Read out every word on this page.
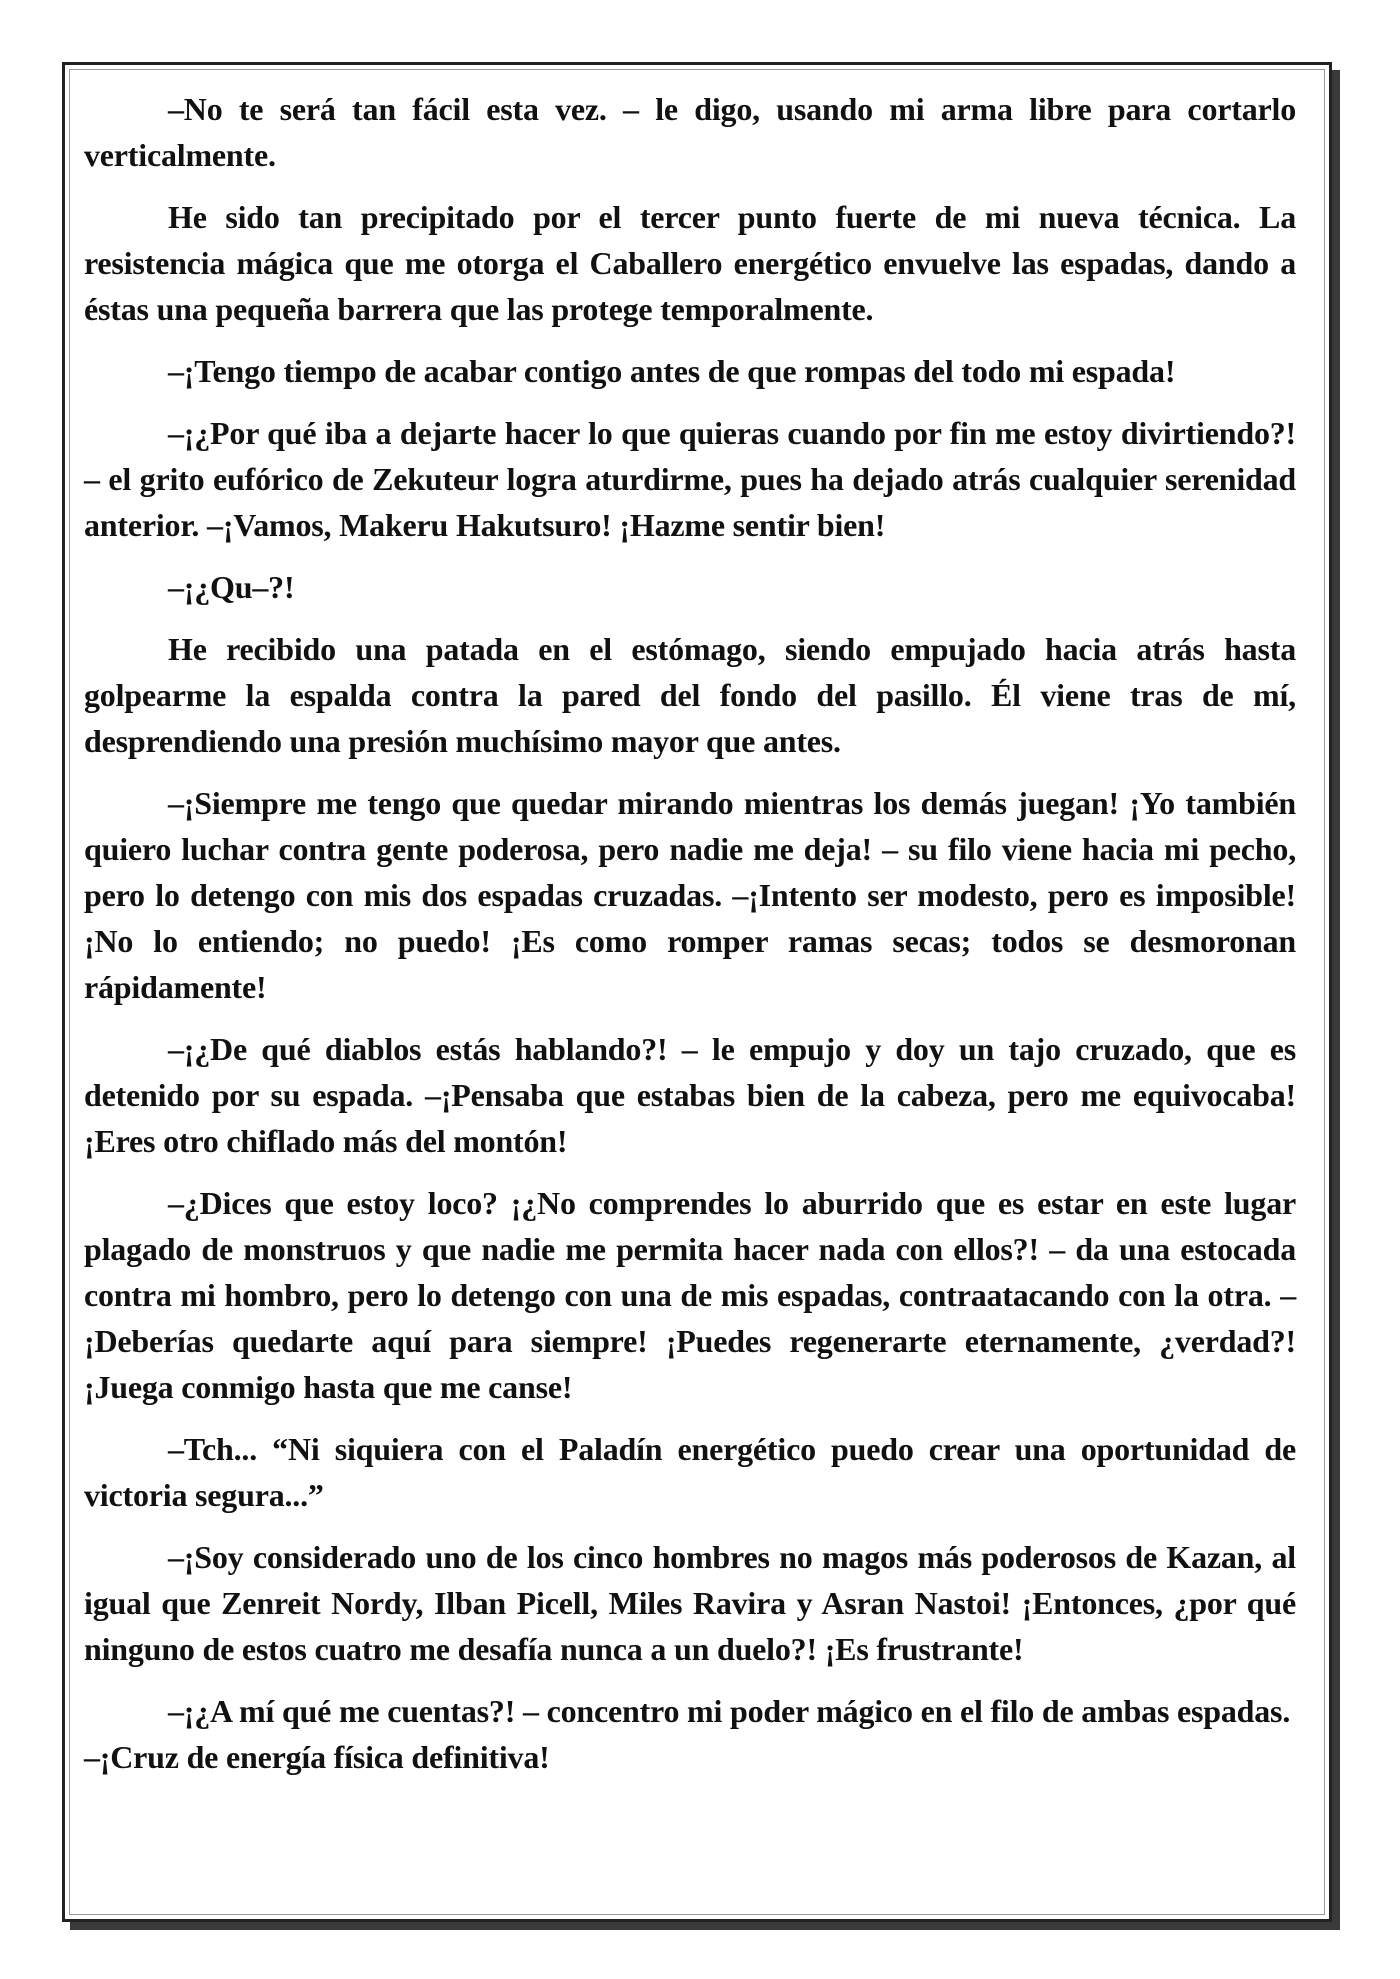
–No te será tan fácil esta vez. – le digo, usando mi arma libre para cortarlo verticalmente.

He sido tan precipitado por el tercer punto fuerte de mi nueva técnica. La resistencia mágica que me otorga el Caballero energético envuelve las espadas, dando a éstas una pequeña barrera que las protege temporalmente.

–¡Tengo tiempo de acabar contigo antes de que rompas del todo mi espada!

–¡¿Por qué iba a dejarte hacer lo que quieras cuando por fin me estoy divirtiendo?! – el grito eufórico de Zekuteur logra aturdirme, pues ha dejado atrás cualquier serenidad anterior. –¡Vamos, Makeru Hakutsuro! ¡Hazme sentir bien!

–¡¿Qu–?!

He recibido una patada en el estómago, siendo empujado hacia atrás hasta golpearme la espalda contra la pared del fondo del pasillo. Él viene tras de mí, desprendiendo una presión muchísimo mayor que antes.

–¡Siempre me tengo que quedar mirando mientras los demás juegan! ¡Yo también quiero luchar contra gente poderosa, pero nadie me deja! – su filo viene hacia mi pecho, pero lo detengo con mis dos espadas cruzadas. –¡Intento ser modesto, pero es imposible! ¡No lo entiendo; no puedo! ¡Es como romper ramas secas; todos se desmoronan rápidamente!

–¡¿De qué diablos estás hablando?! – le empujo y doy un tajo cruzado, que es detenido por su espada. –¡Pensaba que estabas bien de la cabeza, pero me equivocaba! ¡Eres otro chiflado más del montón!

–¿Dices que estoy loco? ¡¿No comprendes lo aburrido que es estar en este lugar plagado de monstruos y que nadie me permita hacer nada con ellos?! – da una estocada contra mi hombro, pero lo detengo con una de mis espadas, contraatacando con la otra. –¡Deberías quedarte aquí para siempre! ¡Puedes regenerarte eternamente, ¿verdad?! ¡Juega conmigo hasta que me canse!

–Tch... “Ni siquiera con el Paladín energético puedo crear una oportunidad de victoria segura...”

–¡Soy considerado uno de los cinco hombres no magos más poderosos de Kazan, al igual que Zenreit Nordy, Ilban Picell, Miles Ravira y Asran Nastoi! ¡Entonces, ¿por qué ninguno de estos cuatro me desafía nunca a un duelo?! ¡Es frustrante!

–¡¿A mí qué me cuentas?! – concentro mi poder mágico en el filo de ambas espadas. –¡Cruz de energía física definitiva!
